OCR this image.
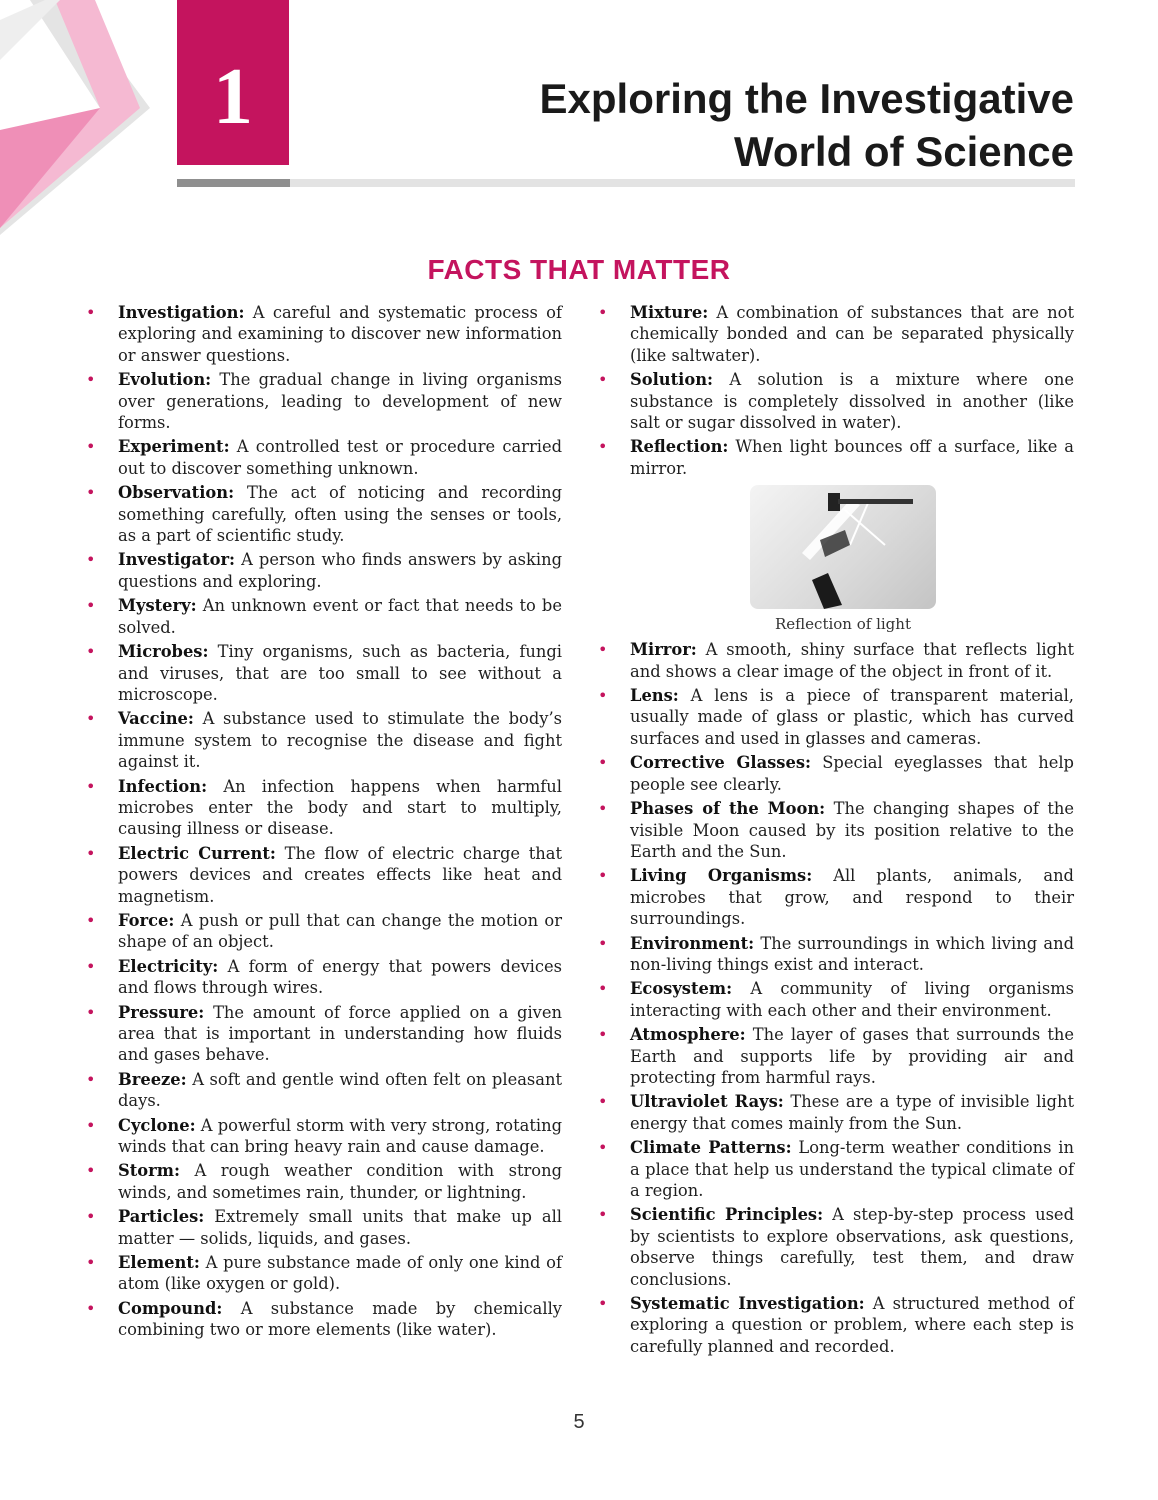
1	Exploring the Investigative
World of Science
FACTS THAT MATTER
• Investigation: A careful and systematic process of exploring and examining to discover new information or answer questions.
• Evolution: The gradual change in living organisms over generations, leading to development of new forms.
• Experiment: A controlled test or procedure carried out to discover something unknown.
• Observation: The act of noticing and recording something carefully, often using the senses or tools, as a part of scientific study.
• Investigator: A person who finds answers by asking questions and exploring.
• Mystery: An unknown event or fact that needs to be solved.
• Microbes: Tiny organisms, such as bacteria, fungi and viruses, that are too small to see without a microscope.
• Vaccine: A substance used to stimulate the body’s immune system to recognise the disease and fight against it.
• Infection: An infection happens when harmful microbes enter the body and start to multiply, causing illness or disease.
• Electric Current: The flow of electric charge that powers devices and creates effects like heat and magnetism.
• Force: A push or pull that can change the motion or shape of an object.
• Electricity: A form of energy that powers devices and flows through wires.
• Pressure: The amount of force applied on a given area that is important in understanding how fluids and gases behave.
• Breeze: A soft and gentle wind often felt on pleasant days.
• Cyclone: A powerful storm with very strong, rotating winds that can bring heavy rain and cause damage.
• Storm: A rough weather condition with strong winds, and sometimes rain, thunder, or lightning.
• Particles: Extremely small units that make up all matter — solids, liquids, and gases.
• Element: A pure substance made of only one kind of atom (like oxygen or gold).
• Compound: A substance made by chemically combining two or more elements (like water).
• Mixture: A combination of substances that are not chemically bonded and can be separated physically (like saltwater).
• Solution: A solution is a mixture where one substance is completely dissolved in another (like salt or sugar dissolved in water).
• Reflection: When light bounces off a surface, like a mirror.
Reflection of light
• Mirror: A smooth, shiny surface that reflects light and shows a clear image of the object in front of it.
• Lens: A lens is a piece of transparent material, usually made of glass or plastic, which has curved surfaces and used in glasses and cameras.
• Corrective Glasses: Special eyeglasses that help people see clearly.
• Phases of the Moon: The changing shapes of the visible Moon caused by its position relative to the Earth and the Sun.
• Living Organisms: All plants, animals, and microbes that grow, and respond to their surroundings.
• Environment: The surroundings in which living and non-living things exist and interact.
• Ecosystem: A community of living organisms interacting with each other and their environment.
• Atmosphere: The layer of gases that surrounds the Earth and supports life by providing air and protecting from harmful rays.
• Ultraviolet Rays: These are a type of invisible light energy that comes mainly from the Sun.
• Climate Patterns: Long-term weather conditions in a place that help us understand the typical climate of a region.
• Scientific Principles: A step-by-step process used by scientists to explore observations, ask questions, observe things carefully, test them, and draw conclusions.
• Systematic Investigation: A structured method of exploring a question or problem, where each step is carefully planned and recorded.
5
